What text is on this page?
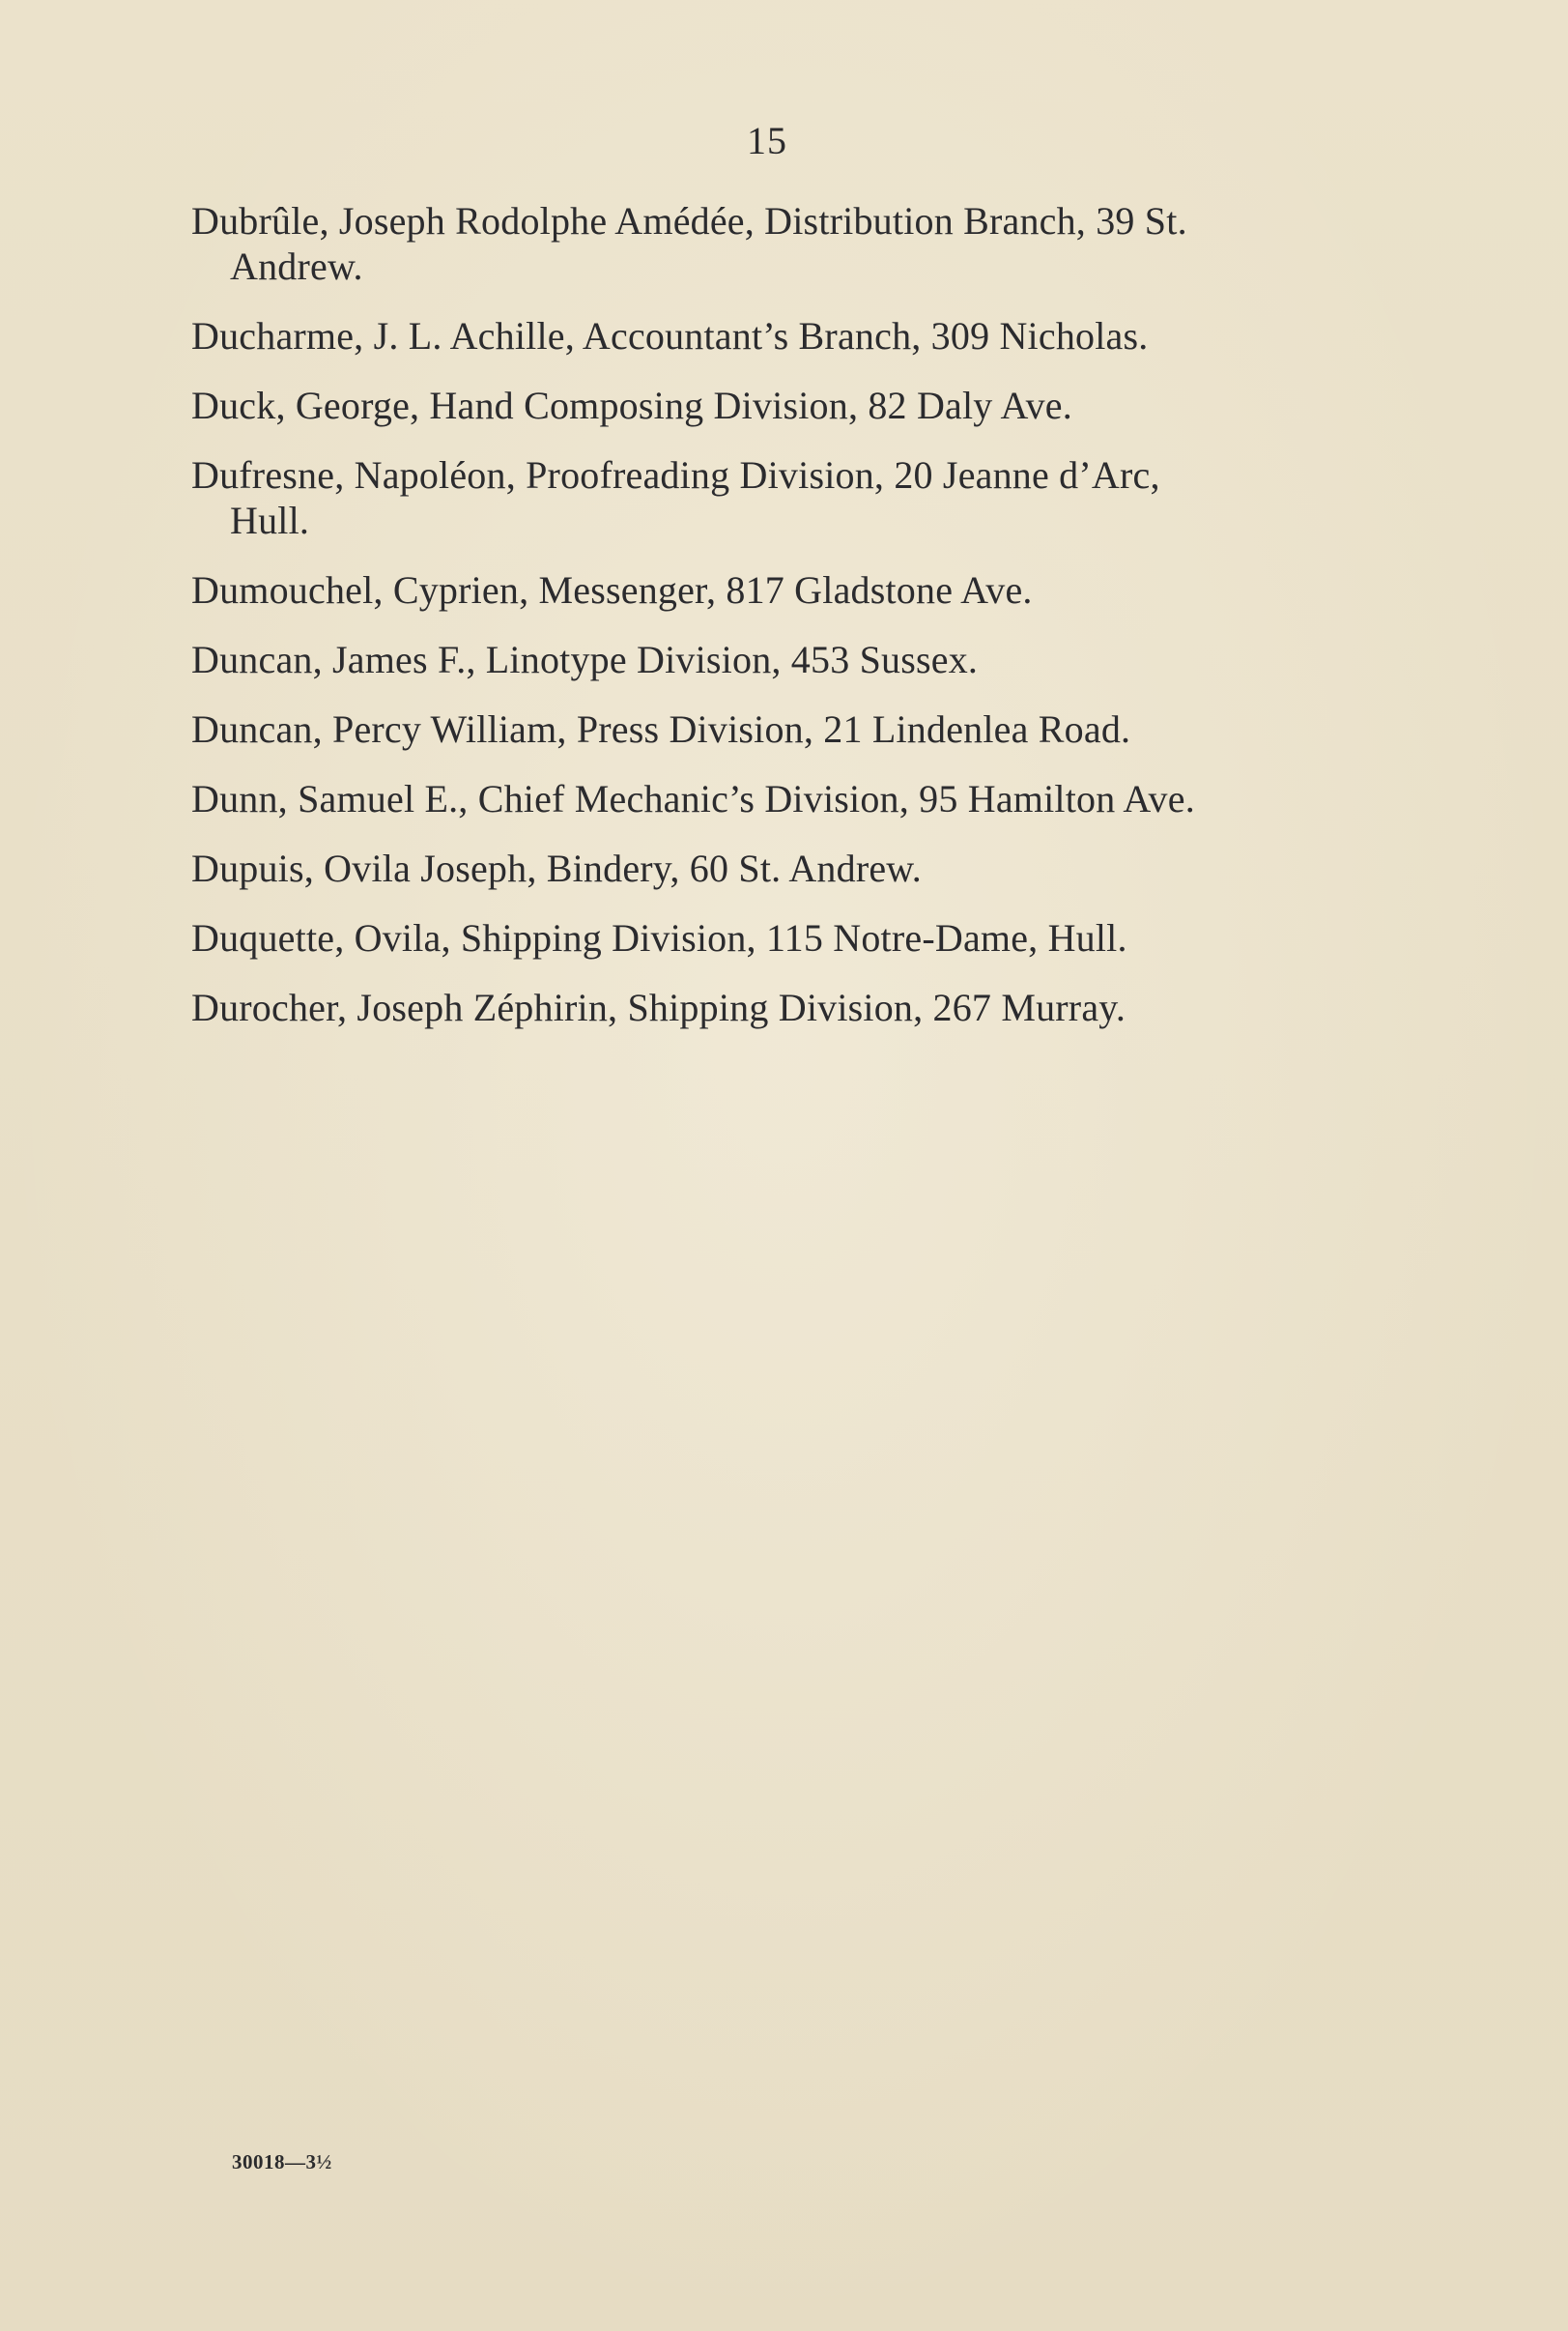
15
Dubrûle, Joseph Rodolphe Amédée, Distribution Branch, 39 St.
Andrew.
Ducharme, J. L. Achille, Accountant’s Branch, 309 Nicholas.
Duck, George, Hand Composing Division, 82 Daly Ave.
Dufresne, Napoléon, Proofreading Division, 20 Jeanne d’Arc,
Hull.
Dumouchel, Cyprien, Messenger, 817 Gladstone Ave.
Duncan, James F., Linotype Division, 453 Sussex.
Duncan, Percy William, Press Division, 21 Lindenlea Road.
Dunn, Samuel E., Chief Mechanic’s Division, 95 Hamilton Ave.
Dupuis, Ovila Joseph, Bindery, 60 St. Andrew.
Duquette, Ovila, Shipping Division, 115 Notre-Dame, Hull.
Durocher, Joseph Zéphirin, Shipping Division, 267 Murray.
30018—3½
